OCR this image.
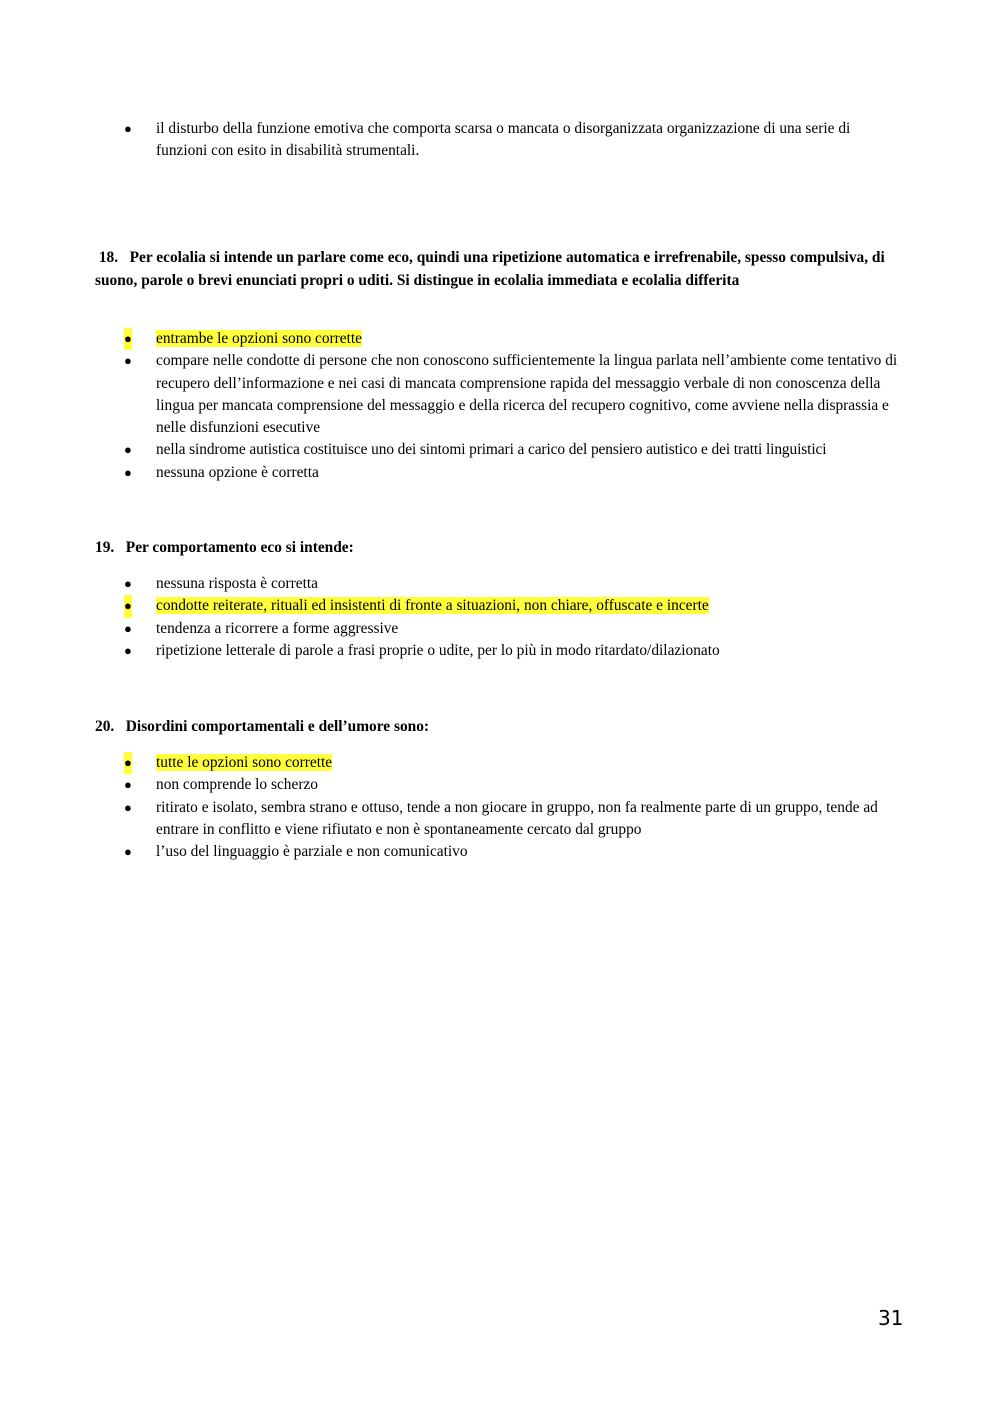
● il disturbo della funzione emotiva che comporta scarsa o mancata o disorganizzata organizzazione di una serie di funzioni con esito in disabilità strumentali.

18. Per ecolalia si intende un parlare come eco, quindi una ripetizione automatica e irrefrenabile, spesso compulsiva, di suono, parole o brevi enunciati propri o uditi. Si distingue in ecolalia immediata e ecolalia differita

● entrambe le opzioni sono corrette
● compare nelle condotte di persone che non conoscono sufficientemente la lingua parlata nell’ambiente come tentativo di recupero dell’informazione e nei casi di mancata comprensione rapida del messaggio verbale di non conoscenza della lingua per mancata comprensione del messaggio e della ricerca del recupero cognitivo, come avviene nella disprassia e nelle disfunzioni esecutive
● nella sindrome autistica costituisce uno dei sintomi primari a carico del pensiero autistico e dei tratti linguistici
● nessuna opzione è corretta

19. Per comportamento eco si intende:

● nessuna risposta è corretta
● condotte reiterate, rituali ed insistenti di fronte a situazioni, non chiare, offuscate e incerte
● tendenza a ricorrere a forme aggressive
● ripetizione letterale di parole a frasi proprie o udite, per lo più in modo ritardato/dilazionato

20. Disordini comportamentali e dell’umore sono:

● tutte le opzioni sono corrette
● non comprende lo scherzo
● ritirato e isolato, sembra strano e ottuso, tende a non giocare in gruppo, non fa realmente parte di un gruppo, tende ad entrare in conflitto e viene rifiutato e non è spontaneamente cercato dal gruppo
● l’uso del linguaggio è parziale e non comunicativo
31
